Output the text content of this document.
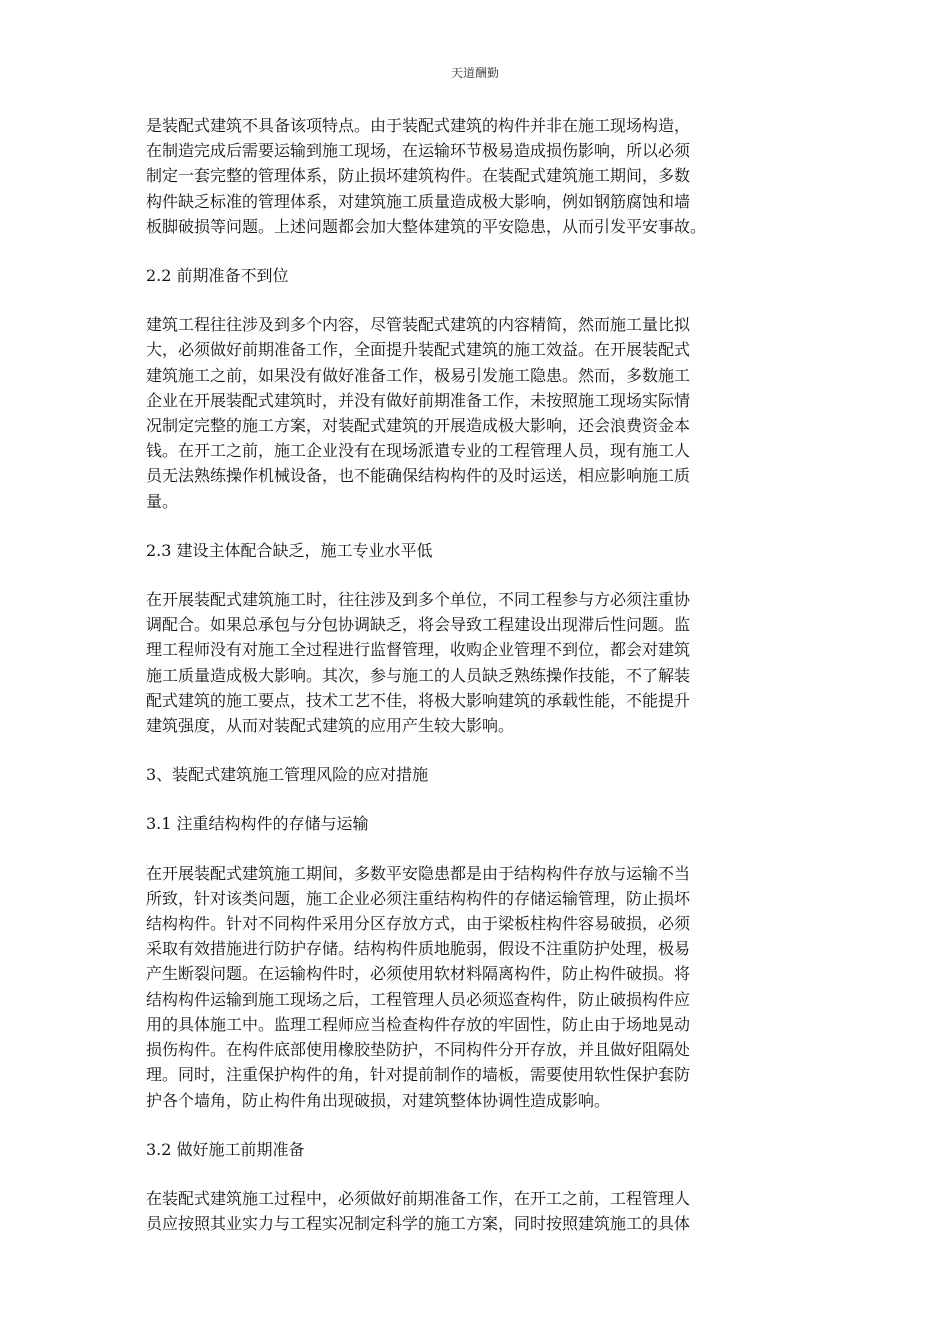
天道酬勤
是装配式建筑不具备该项特点。由于装配式建筑的构件并非在施工现场构造，
在制造完成后需要运输到施工现场，在运输环节极易造成损伤影响，所以必须
制定一套完整的管理体系，防止损坏建筑构件。在装配式建筑施工期间，多数
构件缺乏标准的管理体系，对建筑施工质量造成极大影响，例如钢筋腐蚀和墙
板脚破损等问题。上述问题都会加大整体建筑的平安隐患，从而引发平安事故。
2.2 前期准备不到位
建筑工程往往涉及到多个内容，尽管装配式建筑的内容精简，然而施工量比拟
大，必须做好前期准备工作，全面提升装配式建筑的施工效益。在开展装配式
建筑施工之前，如果没有做好准备工作，极易引发施工隐患。然而，多数施工
企业在开展装配式建筑时，并没有做好前期准备工作，未按照施工现场实际情
况制定完整的施工方案，对装配式建筑的开展造成极大影响，还会浪费资金本
钱。在开工之前，施工企业没有在现场派遣专业的工程管理人员，现有施工人
员无法熟练操作机械设备，也不能确保结构构件的及时运送，相应影响施工质
量。
2.3 建设主体配合缺乏，施工专业水平低
在开展装配式建筑施工时，往往涉及到多个单位，不同工程参与方必须注重协
调配合。如果总承包与分包协调缺乏，将会导致工程建设出现滞后性问题。监
理工程师没有对施工全过程进行监督管理，收购企业管理不到位，都会对建筑
施工质量造成极大影响。其次，参与施工的人员缺乏熟练操作技能，不了解装
配式建筑的施工要点，技术工艺不佳，将极大影响建筑的承载性能，不能提升
建筑强度，从而对装配式建筑的应用产生较大影响。
3、装配式建筑施工管理风险的应对措施
3.1 注重结构构件的存储与运输
在开展装配式建筑施工期间，多数平安隐患都是由于结构构件存放与运输不当
所致，针对该类问题，施工企业必须注重结构构件的存储运输管理，防止损坏
结构构件。针对不同构件采用分区存放方式，由于梁板柱构件容易破损，必须
采取有效措施进行防护存储。结构构件质地脆弱，假设不注重防护处理，极易
产生断裂问题。在运输构件时，必须使用软材料隔离构件，防止构件破损。将
结构构件运输到施工现场之后，工程管理人员必须巡查构件，防止破损构件应
用的具体施工中。监理工程师应当检查构件存放的牢固性，防止由于场地晃动
损伤构件。在构件底部使用橡胶垫防护，不同构件分开存放，并且做好阻隔处
理。同时，注重保护构件的角，针对提前制作的墙板，需要使用软性保护套防
护各个墙角，防止构件角出现破损，对建筑整体协调性造成影响。
3.2 做好施工前期准备
在装配式建筑施工过程中，必须做好前期准备工作，在开工之前，工程管理人
员应按照其业实力与工程实况制定科学的施工方案，同时按照建筑施工的具体
